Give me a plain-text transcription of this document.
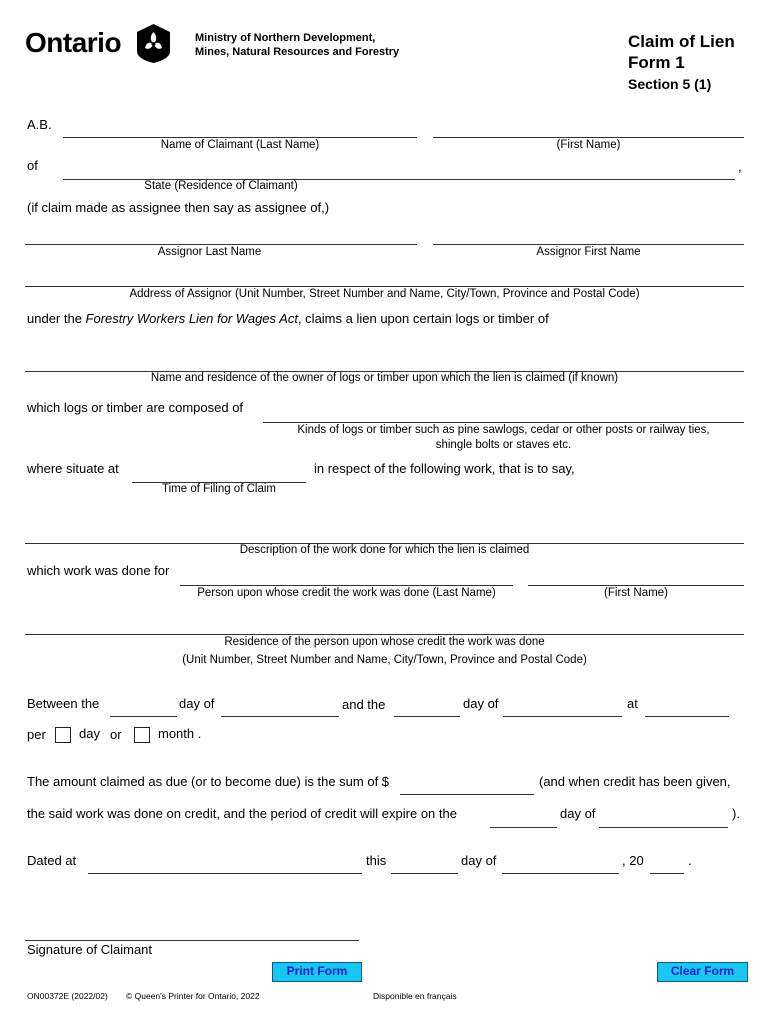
Ontario	Ministry of Northern Development,
Mines, Natural Resources and Forestry
Claim of Lien
Form 1
Section 5 (1)
A.B.
Name of Claimant (Last Name)	(First Name)
of	,
State (Residence of Claimant)
(if claim made as assignee then say as assignee of,)
Assignor Last Name	Assignor First Name
Address of Assignor (Unit Number, Street Number and Name, City/Town, Province and Postal Code)
under the Forestry Workers Lien for Wages Act, claims a lien upon certain logs or timber of
Name and residence of the owner of logs or timber upon which the lien is claimed (if known)
which logs or timber are composed of
Kinds of logs or timber such as pine sawlogs, cedar or other posts or railway ties,
shingle bolts or staves etc.
where situate at	in respect of the following work, that is to say,
Time of Filing of Claim
Description of the work done for which the lien is claimed
which work was done for
Person upon whose credit the work was done (Last Name)	(First Name)
Residence of the person upon whose credit the work was done
(Unit Number, Street Number and Name, City/Town, Province and Postal Code)
Between the	day of	and the	day of	at
per	day or	month .
The amount claimed as due (or to become due) is the sum of $	(and when credit has been given,
the said work was done on credit, and the period of credit will expire on the	day of	).
Dated at	this	day of	, 20	.
Signature of Claimant
Print Form	Clear Form
ON00372E (2022/02) © Queen's Printer for Ontario, 2022	Disponible en français
